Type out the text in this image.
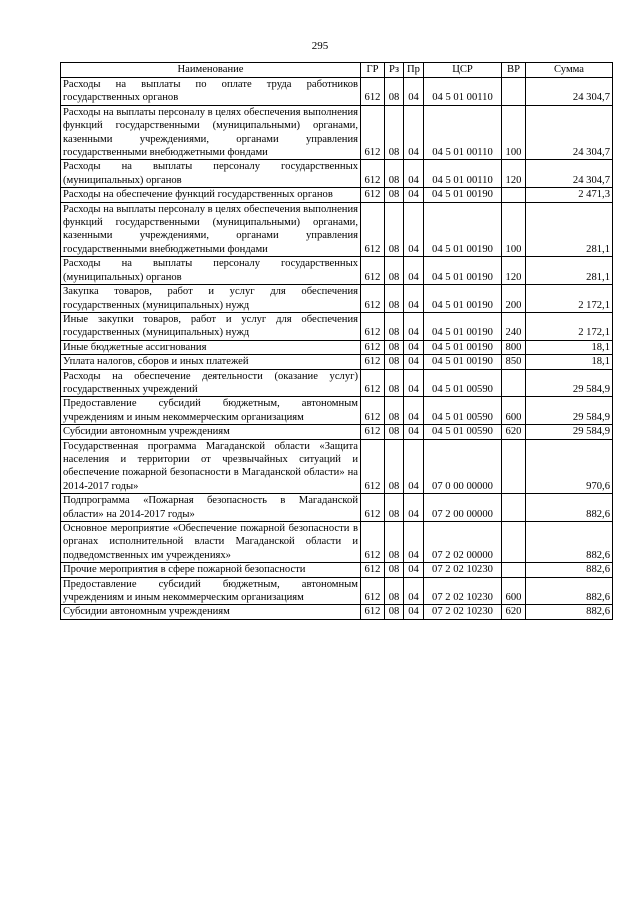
295
Наименование	ГР	Рз	Пр	ЦСР	ВР	Сумма
Расходы на выплаты по оплате труда работников государственных органов	612	08	04	04 5 01 00110		24 304,7
Расходы на выплаты персоналу в целях обеспечения выполнения функций государственными (муниципальными) органами, казенными учреждениями, органами управления государственными внебюджетными фондами	612	08	04	04 5 01 00110	100	24 304,7
Расходы на выплаты персоналу государственных (муниципальных) органов	612	08	04	04 5 01 00110	120	24 304,7
Расходы на обеспечение функций государственных органов	612	08	04	04 5 01 00190		2 471,3
Расходы на выплаты персоналу в целях обеспечения выполнения функций государственными (муниципальными) органами, казенными учреждениями, органами управления государственными внебюджетными фондами	612	08	04	04 5 01 00190	100	281,1
Расходы на выплаты персоналу государственных (муниципальных) органов	612	08	04	04 5 01 00190	120	281,1
Закупка товаров, работ и услуг для обеспечения государственных (муниципальных) нужд	612	08	04	04 5 01 00190	200	2 172,1
Иные закупки товаров, работ и услуг для обеспечения государственных (муниципальных) нужд	612	08	04	04 5 01 00190	240	2 172,1
Иные бюджетные ассигнования	612	08	04	04 5 01 00190	800	18,1
Уплата налогов, сборов и иных платежей	612	08	04	04 5 01 00190	850	18,1
Расходы на обеспечение деятельности (оказание услуг) государственных учреждений	612	08	04	04 5 01 00590		29 584,9
Предоставление субсидий бюджетным, автономным учреждениям и иным некоммерческим организациям	612	08	04	04 5 01 00590	600	29 584,9
Субсидии автономным учреждениям	612	08	04	04 5 01 00590	620	29 584,9
Государственная программа Магаданской области «Защита населения и территории от чрезвычайных ситуаций и обеспечение пожарной безопасности в Магаданской области» на 2014-2017 годы»	612	08	04	07 0 00 00000		970,6
Подпрограмма «Пожарная безопасность в Магаданской области» на 2014-2017 годы»	612	08	04	07 2 00 00000		882,6
Основное мероприятие «Обеспечение пожарной безопасности в органах исполнительной власти Магаданской области и подведомственных им учреждениях»	612	08	04	07 2 02 00000		882,6
Прочие мероприятия в сфере пожарной безопасности	612	08	04	07 2 02 10230		882,6
Предоставление субсидий бюджетным, автономным учреждениям и иным некоммерческим организациям	612	08	04	07 2 02 10230	600	882,6
Субсидии автономным учреждениям	612	08	04	07 2 02 10230	620	882,6
